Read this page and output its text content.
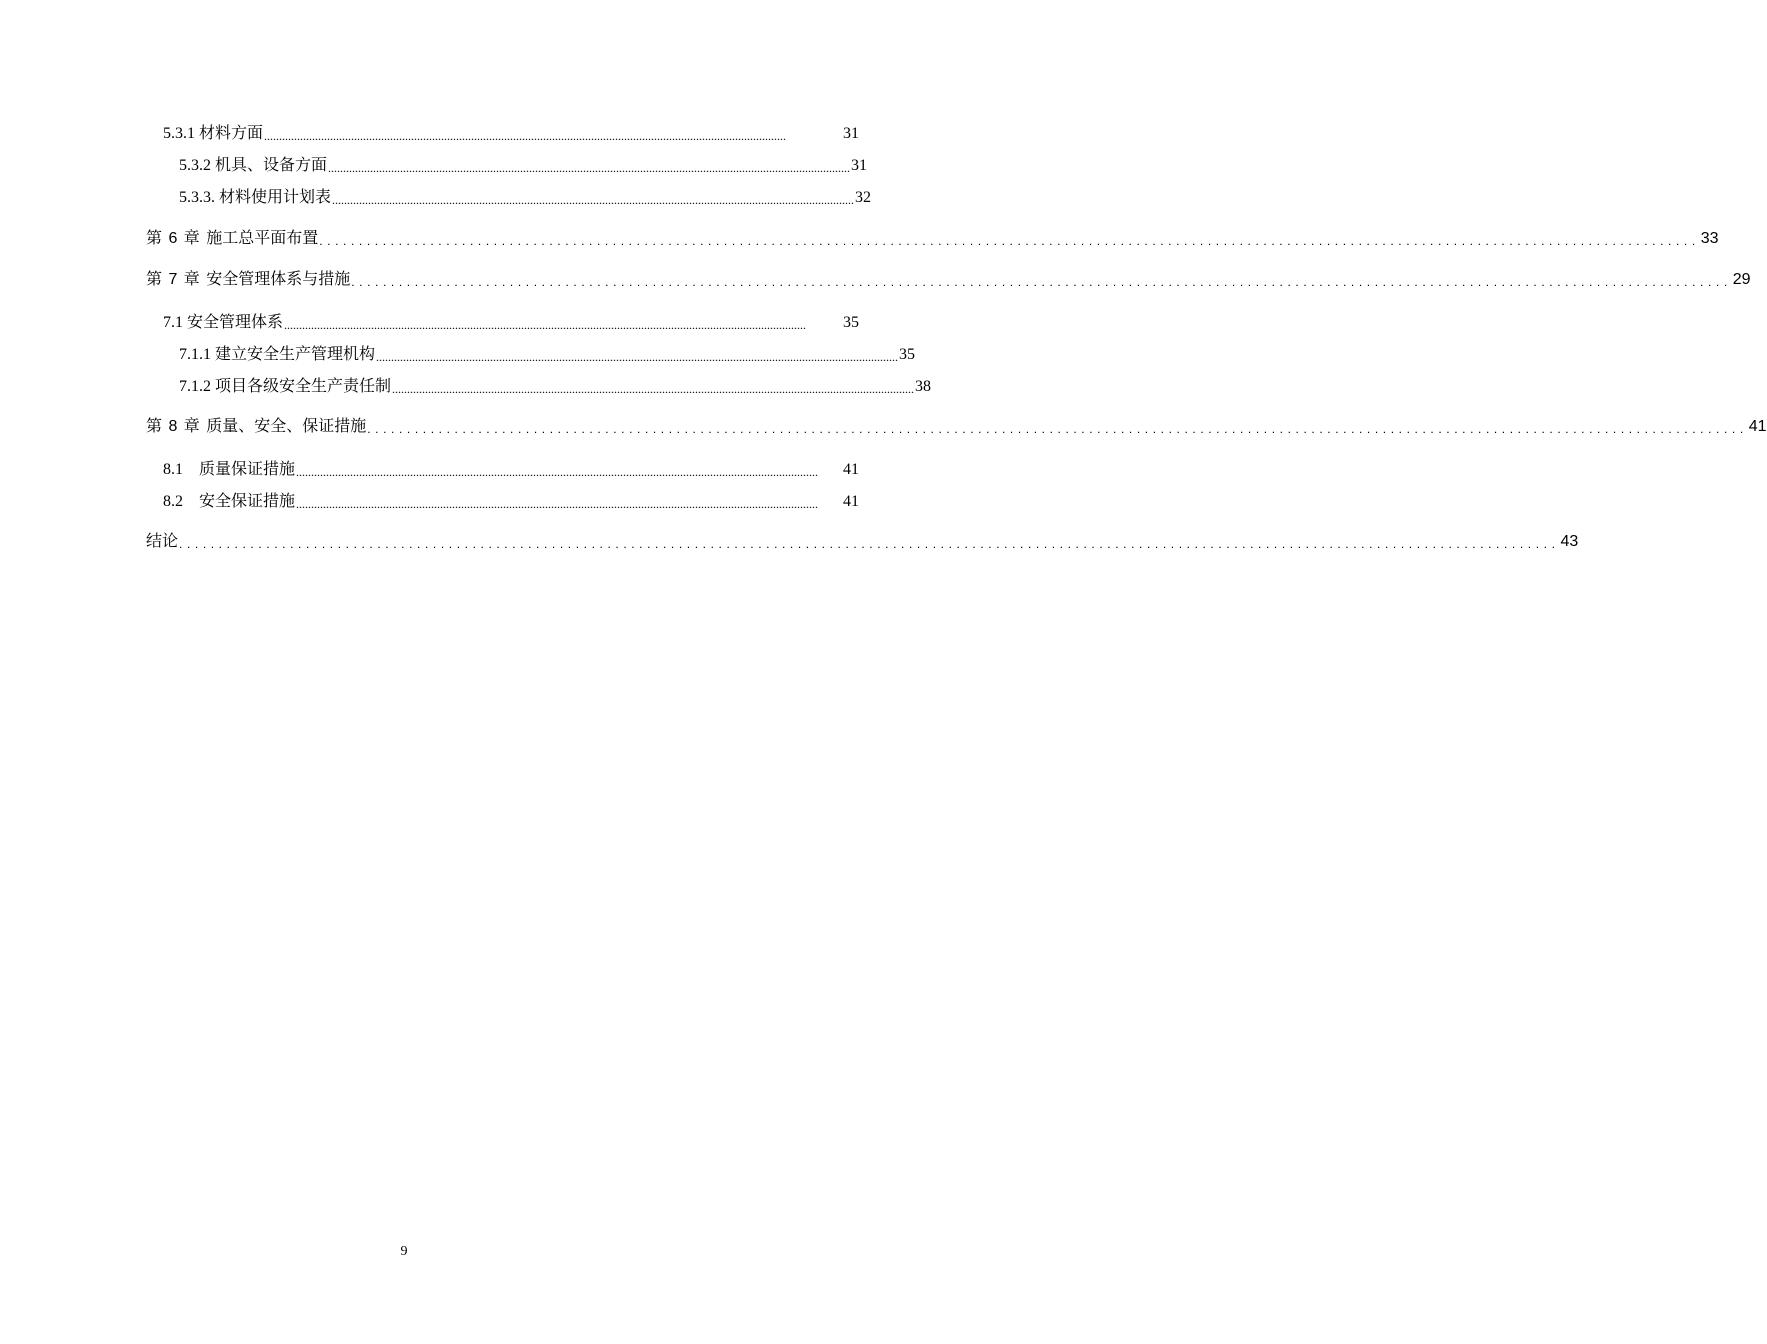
5.3.1 材料方面 ..............................................................................................................................................................................	31
5.3.2 机具、设备方面 .............................................................................................................................................................................. 31
5.3.3. 材料使用计划表 .............................................................................................................................................................................. 32
第 6 章 施工总平面布置 .............................................................................................................................................................................. 33
第 7 章 安全管理体系与措施 .............................................................................................................................................................................. 29
7.1 安全管理体系 ..............................................................................................................................................................................	35
7.1.1 建立安全生产管理机构 .............................................................................................................................................................................. 35
7.1.2 项目各级安全生产责任制 .............................................................................................................................................................................. 38
第 8 章 质量、安全、保证措施 .............................................................................................................................................................................. 41
8.1    质量保证措施 ..............................................................................................................................................................................	41
8.2    安全保证措施 ..............................................................................................................................................................................	41
结论 .............................................................................................................................................................................. 43
9
